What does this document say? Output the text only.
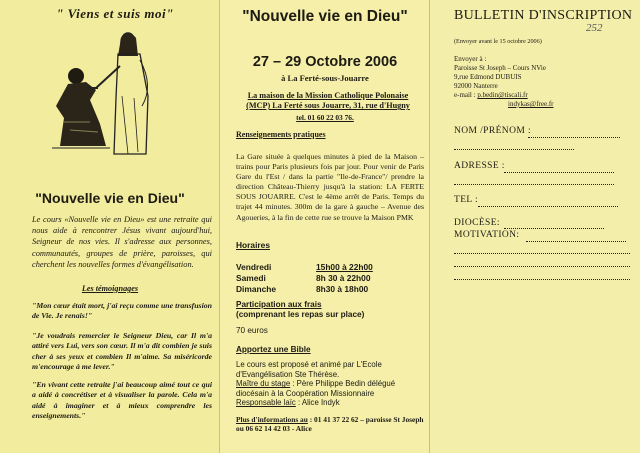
" Viens et suis moi"
"Nouvelle vie en Dieu"
Le cours «Nouvelle vie en Dieu» est une retraite qui nous aide à rencontrer Jésus vivant aujourd'hui, Seigneur de nos vies. Il s'adresse aux personnes, communautés, groupes de prière, paroisses, qui cherchent les nouvelles formes d'évangélisation.
Les témoignages
"Mon cœur était mort, j'ai reçu comme une transfusion de Vie. Je renais!"
"Je voudrais remercier le Seigneur Dieu, car Il m'a attiré vers Lui, vers son cœur. Il m'a dit combien je suis cher à ses yeux et combien Il m'aime. Sa miséricorde m'encourage à me lever."
"En vivant cette retraite j'ai beaucoup aimé tout ce qui a aidé à concrétiser et à visualiser la parole. Cela m'a aidé à imaginer et à mieux comprendre les enseignements."
"Nouvelle vie en Dieu"
27 – 29 Octobre 2006
à La Ferté-sous-Jouarre
La maison de la Mission Catholique Polonaise
(MCP) La Ferté sous Jouarre, 31, rue d'Hugny
tel. 01 60 22 03 76.
Renseignements pratiques
La Gare située à quelques minutes à pied de la Maison – trains pour Paris plusieurs fois par jour. Pour venir de Paris Gare du l'Est / dans la partie "Ile-de-France"/ prendre la direction Château-Thierry jusqu'à la station: LA FERTE SOUS JOUARRE. C'est le 4ème arrêt de Paris. Temps du trajet 44 minutes. 300m de la gare à gauche – Avenue des Agoueries, à la fin de cette rue se trouve la Maison PMK
Horaires
Vendredi	15h00 à 22h00
Samedi	8h 30 à 22h00
Dimanche	8h30 à 18h00
Participation aux frais
(comprenant les repas sur place)
70 euros
Apportez une Bible
Le cours est proposé et animé par L'Ecole d'Evangélisation Ste Thérèse.
Maître du stage : Père Philippe Bedin délégué diocésain à la Coopération Missionnaire
Responsable laïc : Alice Indyk
Plus d'informations au : 01 41 37 22 62 – paroisse St Joseph ou 06 62 14 42 03 - Alice
BULLETIN D'INSCRIPTION
252
(Envoyer avant le 15 octobre 2006)
Envoyer à :
Paroisse St Joseph – Cours NVie
9,rue Edmond DUBUIS
92000 Nanterre
e-mail : p.bedin@tiscali.fr
indykas@free.fr
NOM /PRÉNOM :
ADRESSE :
TEL :
DIOCÈSE:
MOTIVATION:
